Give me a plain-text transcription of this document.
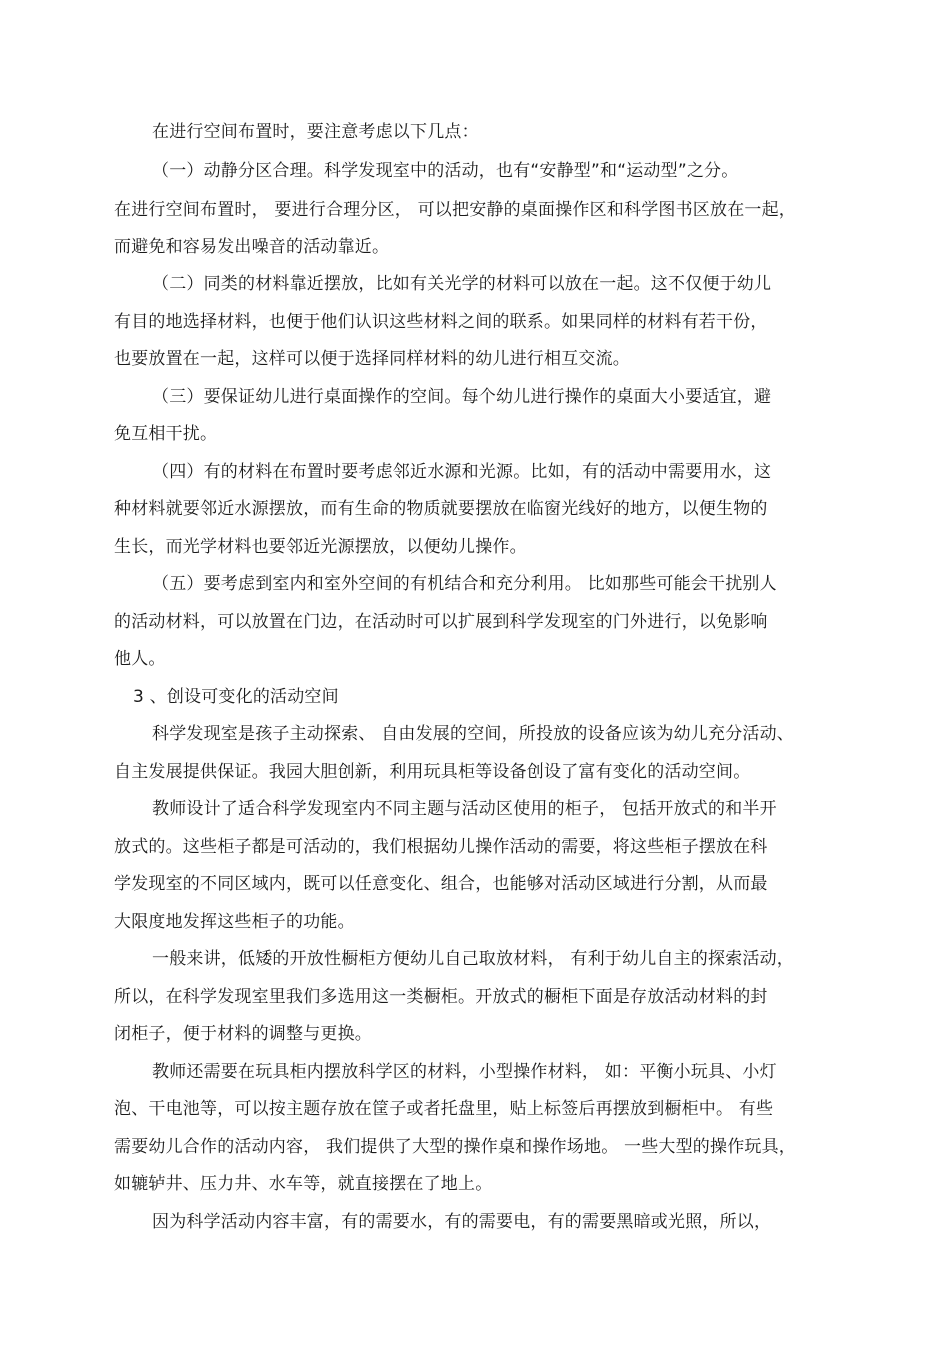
在进行空间布置时，要注意考虑以下几点：
（一）动静分区合理。科学发现室中的活动，也有“安静型”和“运动型”之分。
在进行空间布置时， 要进行合理分区， 可以把安静的桌面操作区和科学图书区放在一起，
而避免和容易发出噪音的活动靠近。
（二）同类的材料靠近摆放，比如有关光学的材料可以放在一起。这不仅便于幼儿
有目的地选择材料，也便于他们认识这些材料之间的联系。如果同样的材料有若干份，
也要放置在一起，这样可以便于选择同样材料的幼儿进行相互交流。
（三）要保证幼儿进行桌面操作的空间。每个幼儿进行操作的桌面大小要适宜，避
免互相干扰。
（四）有的材料在布置时要考虑邻近水源和光源。比如，有的活动中需要用水，这
种材料就要邻近水源摆放，而有生命的物质就要摆放在临窗光线好的地方，以便生物的
生长，而光学材料也要邻近光源摆放，以便幼儿操作。
（五）要考虑到室内和室外空间的有机结合和充分利用。 比如那些可能会干扰别人
的活动材料，可以放置在门边，在活动时可以扩展到科学发现室的门外进行，以免影响
他人。
3 、创设可变化的活动空间
科学发现室是孩子主动探索、 自由发展的空间，所投放的设备应该为幼儿充分活动、
自主发展提供保证。我园大胆创新，利用玩具柜等设备创设了富有变化的活动空间。
教师设计了适合科学发现室内不同主题与活动区使用的柜子， 包括开放式的和半开
放式的。这些柜子都是可活动的，我们根据幼儿操作活动的需要，将这些柜子摆放在科
学发现室的不同区域内，既可以任意变化、组合，也能够对活动区域进行分割，从而最
大限度地发挥这些柜子的功能。
一般来讲，低矮的开放性橱柜方便幼儿自己取放材料， 有利于幼儿自主的探索活动，
所以，在科学发现室里我们多选用这一类橱柜。开放式的橱柜下面是存放活动材料的封
闭柜子，便于材料的调整与更换。
教师还需要在玩具柜内摆放科学区的材料，小型操作材料， 如：平衡小玩具、小灯
泡、干电池等，可以按主题存放在筐子或者托盘里，贴上标签后再摆放到橱柜中。 有些
需要幼儿合作的活动内容， 我们提供了大型的操作桌和操作场地。 一些大型的操作玩具，
如辘轳井、压力井、水车等，就直接摆在了地上。
因为科学活动内容丰富，有的需要水，有的需要电，有的需要黑暗或光照，所以，
